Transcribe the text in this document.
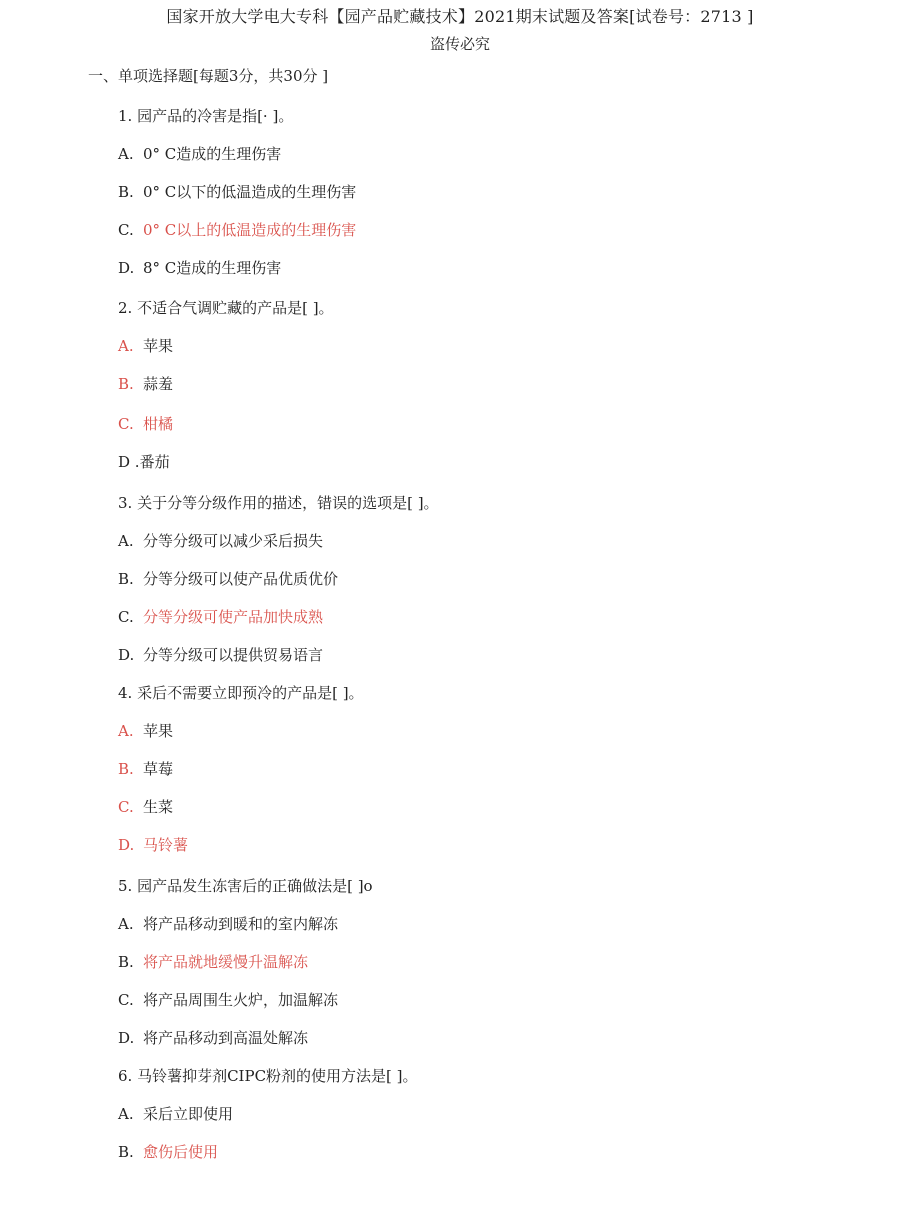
国家开放大学电大专科【园产品贮藏技术】2021期末试题及答案[试卷号：2713 ]
盗传必究
一、单项选择题[每题3分，共30分 ]
1. 园产品的冷害是指[· ]。
A. 0° C造成的生理伤害
B. 0° C以下的低温造成的生理伤害
C. 0° C以上的低温造成的生理伤害
D. 8° C造成的生理伤害
2. 不适合气调贮藏的产品是[ ]。
A. 苹果
B. 蒜羞
C. 柑橘
D .番茄
3. 关于分等分级作用的描述，错误的选项是[ ]。
A. 分等分级可以减少采后损失
B. 分等分级可以使产品优质优价
C. 分等分级可使产品加快成熟
D. 分等分级可以提供贸易语言
4. 采后不需要立即预冷的产品是[ ]。
A. 苹果
B. 草莓
C. 生菜
D. 马铃薯
5. 园产品发生冻害后的正确做法是[ ]o
A. 将产品移动到暖和的室内解冻
B. 将产品就地缓慢升温解冻
C. 将产品周围生火炉，加温解冻
D. 将产品移动到高温处解冻
6. 马铃薯抑芽剂CIPC粉剂的使用方法是[ ]。
A. 采后立即使用
B. 愈伤后使用
